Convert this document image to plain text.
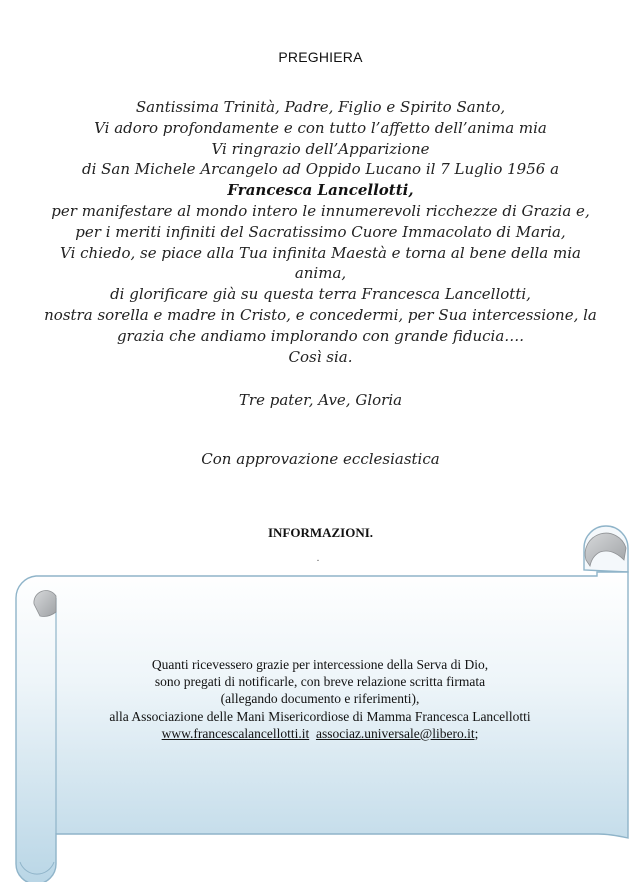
PREGHIERA
Santissima Trinità, Padre, Figlio e Spirito Santo,
Vi adoro profondamente e con tutto l’affetto dell’anima mia
Vi ringrazio dell’Apparizione
di San Michele Arcangelo ad Oppido Lucano il 7 Luglio 1956 a
Francesca Lancellotti,
per manifestare al mondo intero le innumerevoli ricchezze di Grazia e,
per i meriti infiniti del Sacratissimo Cuore Immacolato di Maria,
Vi chiedo, se piace alla Tua infinita Maestà e torna al bene della mia
anima,
di glorificare già su questa terra Francesca Lancellotti,
nostra sorella e madre in Cristo, e concedermi, per Sua intercessione, la
grazia che andiamo implorando con grande fiducia….
Così sia.
Tre pater, Ave, Gloria
Con approvazione ecclesiastica
INFORMAZIONI.
.
Quanti ricevessero grazie per intercessione della Serva di Dio,
sono pregati di notificarle, con breve relazione scritta firmata
(allegando documento e riferimenti),
alla Associazione delle Mani Misericordiose di Mamma Francesca Lancellotti
www.francescalancellotti.it associaz.universale@libero.it;
